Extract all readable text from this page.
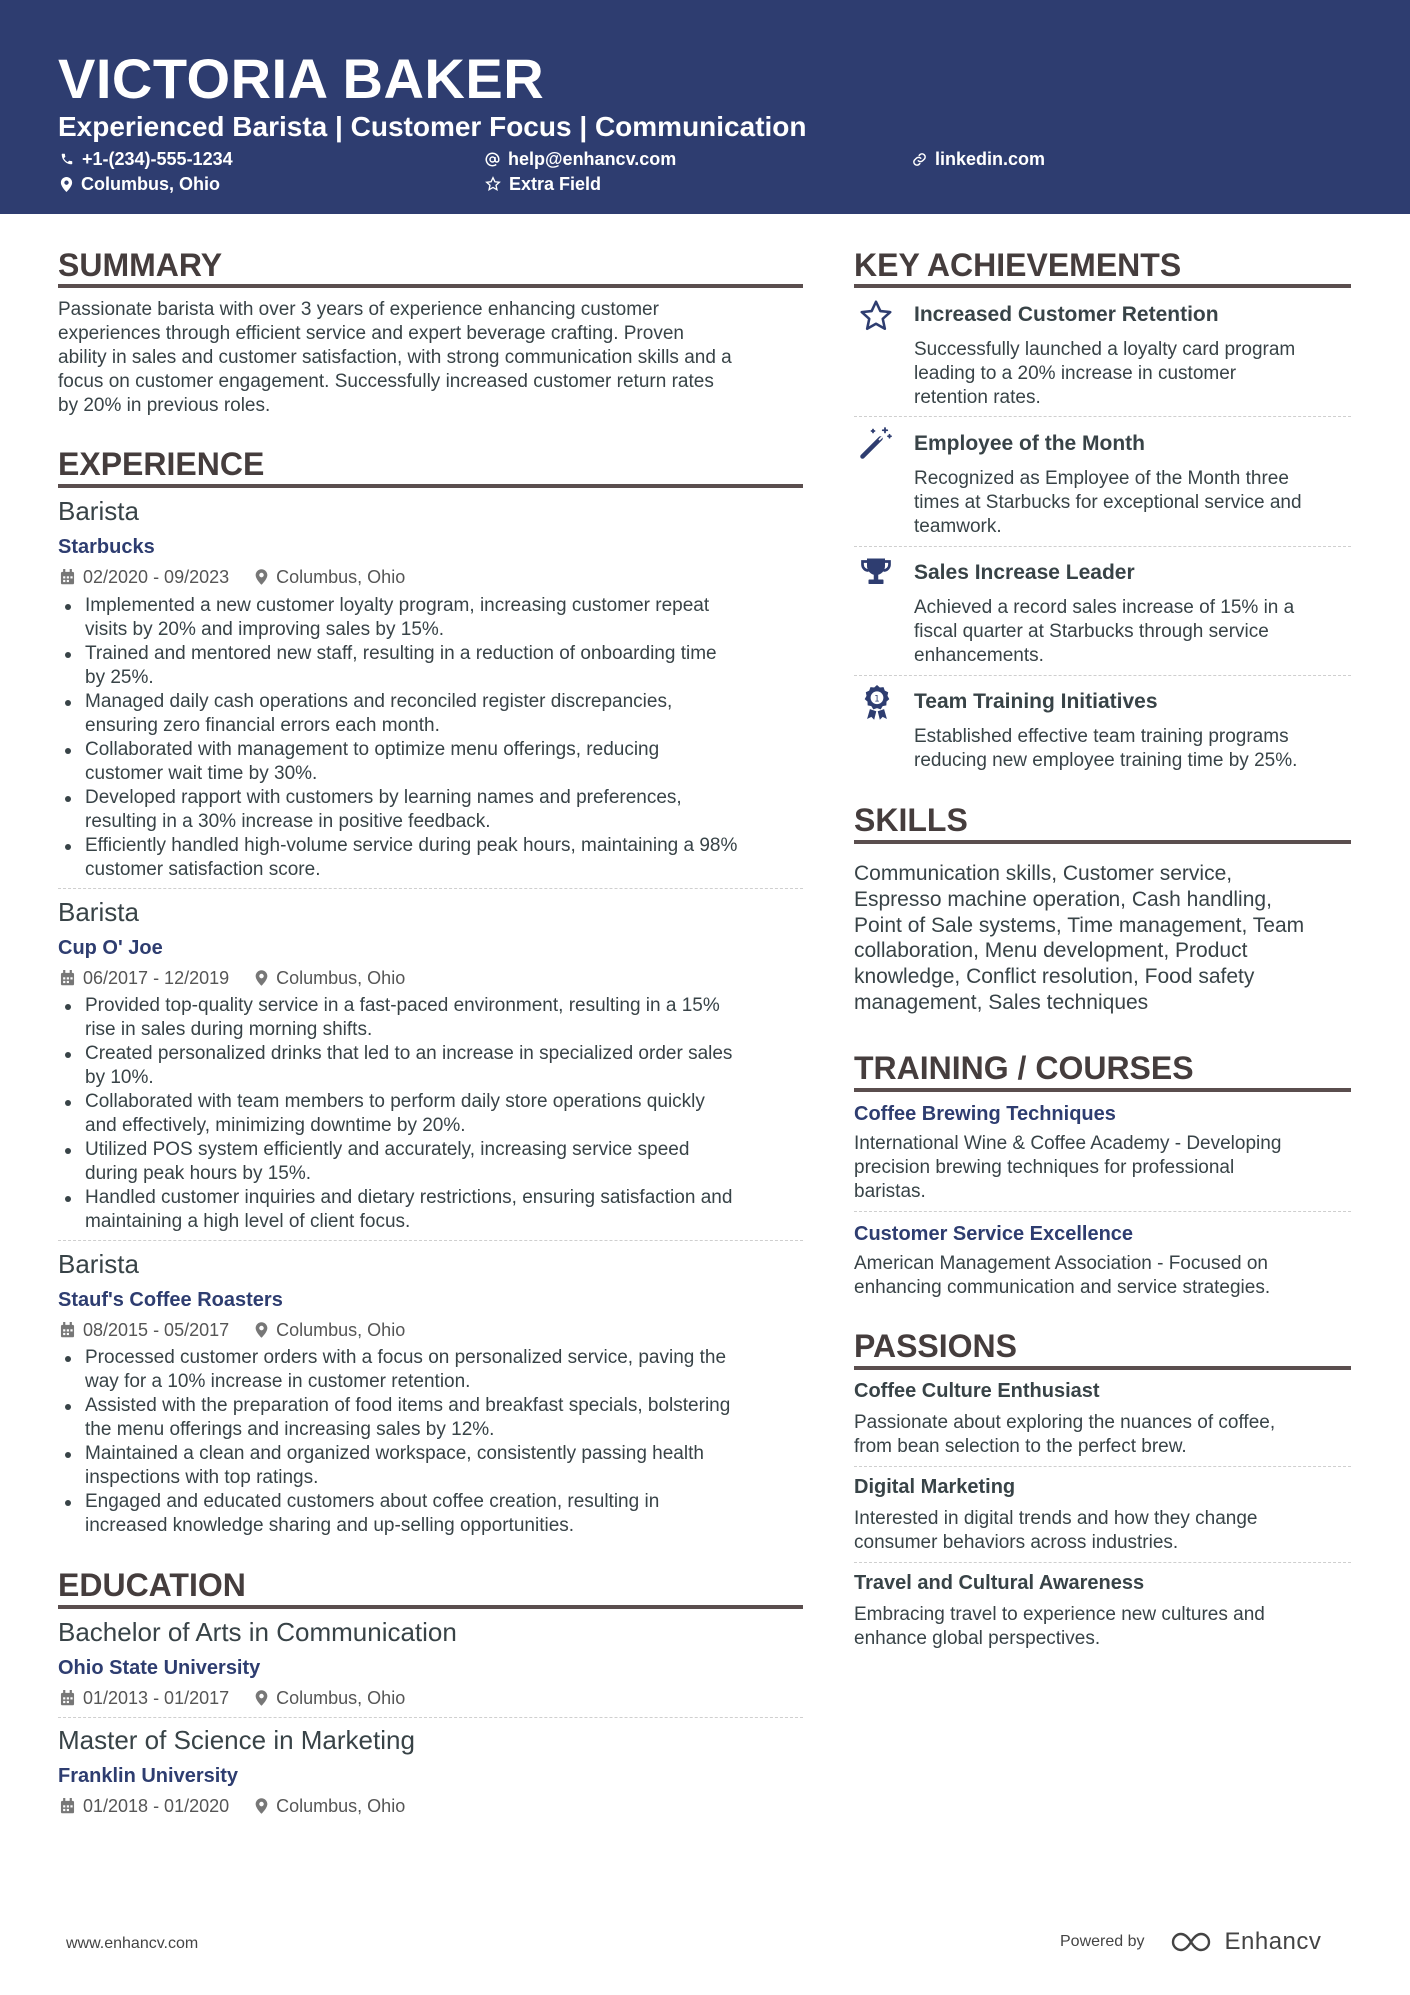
VICTORIA BAKER
Experienced Barista | Customer Focus | Communication
+1-(234)-555-1234	help@enhancv.com	linkedin.com
Columbus, Ohio	Extra Field
SUMMARY
Passionate barista with over 3 years of experience enhancing customer
experiences through efficient service and expert beverage crafting. Proven
ability in sales and customer satisfaction, with strong communication skills and a
focus on customer engagement. Successfully increased customer return rates
by 20% in previous roles.
EXPERIENCE
Barista
Starbucks
02/2020 - 09/2023	Columbus, Ohio
Implemented a new customer loyalty program, increasing customer repeat
visits by 20% and improving sales by 15%.
Trained and mentored new staff, resulting in a reduction of onboarding time
by 25%.
Managed daily cash operations and reconciled register discrepancies,
ensuring zero financial errors each month.
Collaborated with management to optimize menu offerings, reducing
customer wait time by 30%.
Developed rapport with customers by learning names and preferences,
resulting in a 30% increase in positive feedback.
Efficiently handled high-volume service during peak hours, maintaining a 98%
customer satisfaction score.
Barista
Cup O' Joe
06/2017 - 12/2019	Columbus, Ohio
Provided top-quality service in a fast-paced environment, resulting in a 15%
rise in sales during morning shifts.
Created personalized drinks that led to an increase in specialized order sales
by 10%.
Collaborated with team members to perform daily store operations quickly
and effectively, minimizing downtime by 20%.
Utilized POS system efficiently and accurately, increasing service speed
during peak hours by 15%.
Handled customer inquiries and dietary restrictions, ensuring satisfaction and
maintaining a high level of client focus.
Barista
Stauf's Coffee Roasters
08/2015 - 05/2017	Columbus, Ohio
Processed customer orders with a focus on personalized service, paving the
way for a 10% increase in customer retention.
Assisted with the preparation of food items and breakfast specials, bolstering
the menu offerings and increasing sales by 12%.
Maintained a clean and organized workspace, consistently passing health
inspections with top ratings.
Engaged and educated customers about coffee creation, resulting in
increased knowledge sharing and up-selling opportunities.
EDUCATION
Bachelor of Arts in Communication
Ohio State University
01/2013 - 01/2017	Columbus, Ohio
Master of Science in Marketing
Franklin University
01/2018 - 01/2020	Columbus, Ohio
KEY ACHIEVEMENTS
Increased Customer Retention
Successfully launched a loyalty card program
leading to a 20% increase in customer
retention rates.
Employee of the Month
Recognized as Employee of the Month three
times at Starbucks for exceptional service and
teamwork.
Sales Increase Leader
Achieved a record sales increase of 15% in a
fiscal quarter at Starbucks through service
enhancements.
1 Team Training Initiatives
Established effective team training programs
reducing new employee training time by 25%.
SKILLS
Communication skills, Customer service,
Espresso machine operation, Cash handling,
Point of Sale systems, Time management, Team
collaboration, Menu development, Product
knowledge, Conflict resolution, Food safety
management, Sales techniques
TRAINING / COURSES
Coffee Brewing Techniques
International Wine & Coffee Academy - Developing
precision brewing techniques for professional
baristas.
Customer Service Excellence
American Management Association - Focused on
enhancing communication and service strategies.
PASSIONS
Coffee Culture Enthusiast
Passionate about exploring the nuances of coffee,
from bean selection to the perfect brew.
Digital Marketing
Interested in digital trends and how they change
consumer behaviors across industries.
Travel and Cultural Awareness
Embracing travel to experience new cultures and
enhance global perspectives.
www.enhancv.com	Powered by	Enhancv
